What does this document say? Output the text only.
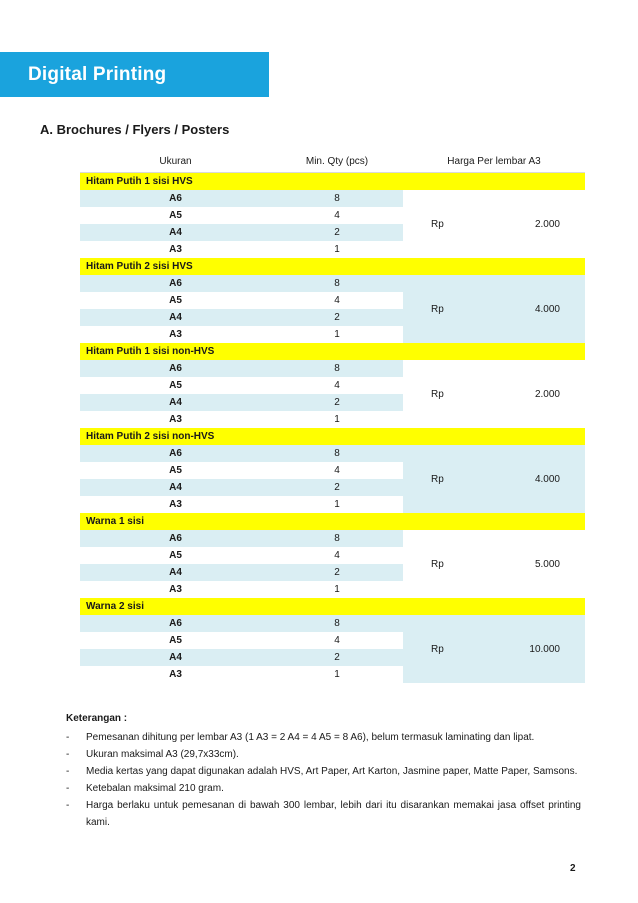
Digital Printing
A. Brochures / Flyers / Posters
Ukuran	Min. Qty (pcs)	Harga Per lembar A3
Hitam Putih 1 sisi HVS		
A6	8	Rp 2.000

A5	4	
A4	2	
A3	1	
Hitam Putih 2 sisi HVS		
A6	8	Rp 4.000

A5	4	
A4	2	
A3	1	
Hitam Putih 1 sisi non-HVS		
A6	8	Rp 2.000

A5	4	
A4	2	
A3	1	
Hitam Putih 2 sisi non-HVS		
A6	8	Rp 4.000

A5	4	
A4	2	
A3	1	
Warna 1 sisi		
A6	8	Rp 5.000

A5	4	
A4	2	
A3	1	
Warna 2 sisi		
A6	8	Rp 10.000

A5	4	
A4	2	
A3	1	
Keterangan :
-	Pemesanan dihitung per lembar A3 (1 A3 = 2 A4 = 4 A5 = 8 A6), belum termasuk laminating dan lipat.
-	Ukuran maksimal A3 (29,7x33cm).
-	Media kertas yang dapat digunakan adalah HVS, Art Paper, Art Karton, Jasmine paper, Matte Paper, Samsons.
-	Ketebalan maksimal 210 gram.
-	Harga berlaku untuk pemesanan di bawah 300 lembar, lebih dari itu disarankan memakai jasa offset printing kami.
2
